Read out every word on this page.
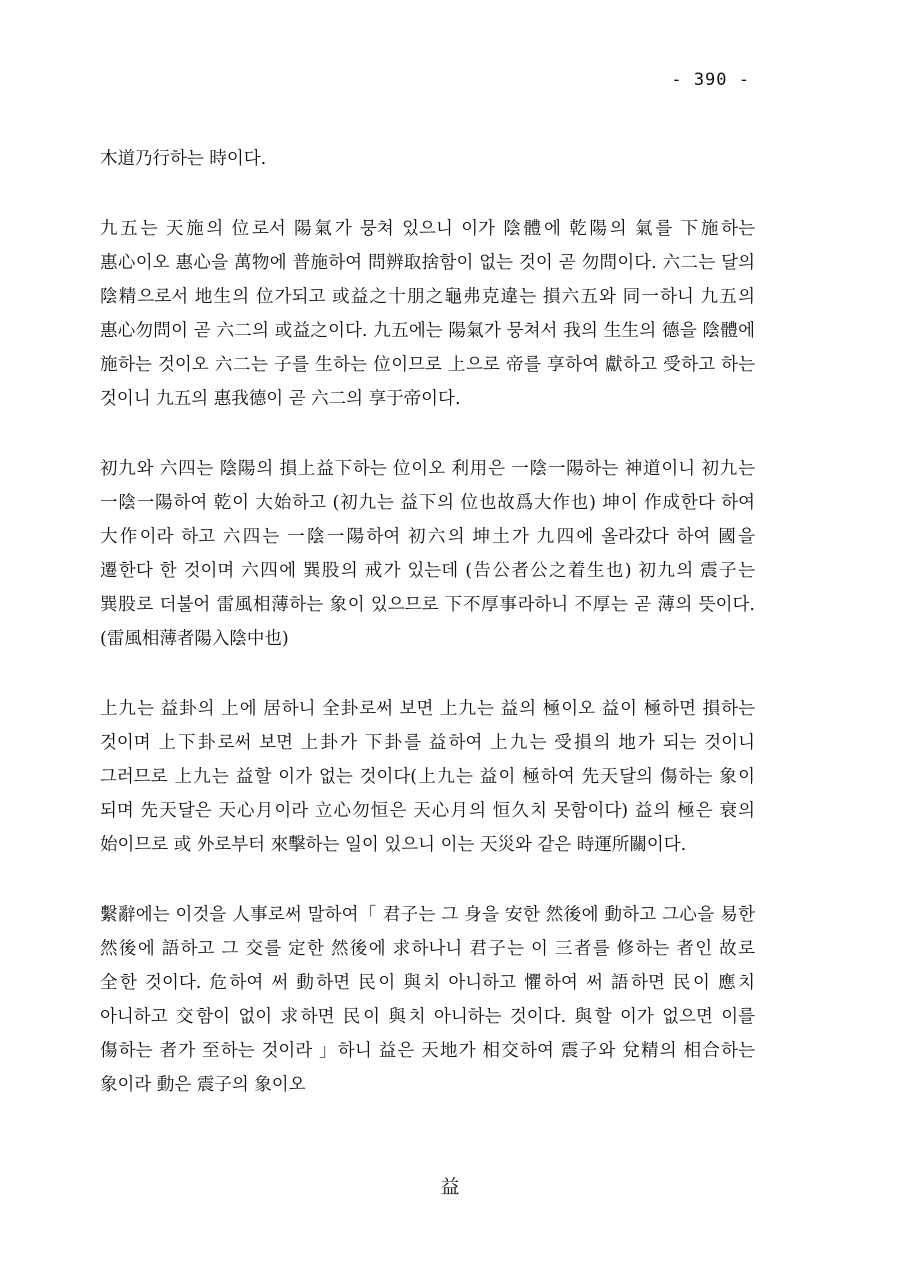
- 390 -

木道乃行하는 時이다.

九五는 天施의 位로서 陽氣가 뭉쳐 있으니 이가 陰體에 乾陽의 氣를 下施하는 惠心이오 惠心을 萬物에 普施하여 問辨取捨함이 없는 것이 곧 勿問이다. 六二는 달의 陰精으로서 地生의 位가되고 或益之十朋之龜弗克違는 損六五와 同一하니 九五의 惠心勿問이 곧 六二의 或益之이다. 九五에는 陽氣가 뭉쳐서 我의 生生의 德을 陰體에 施하는 것이오 六二는 子를 生하는 位이므로 上으로 帝를 享하여 獻하고 受하고 하는 것이니 九五의 惠我德이 곧 六二의 享于帝이다.

初九와 六四는 陰陽의 損上益下하는 位이오 利用은 一陰一陽하는 神道이니 初九는 一陰一陽하여 乾이 大始하고 (初九는 益下의 位也故爲大作也) 坤이 作成한다 하여 大作이라 하고 六四는 一陰一陽하여 初六의 坤土가 九四에 올라갔다 하여 國을 遷한다 한 것이며 六四에 巽股의 戒가 있는데 (告公者公之着生也) 初九의 震子는 巽股로 더불어 雷風相薄하는 象이 있으므로 下不厚事라하니 不厚는 곧 薄의 뜻이다.(雷風相薄者陽入陰中也)

上九는 益卦의 上에 居하니 全卦로써 보면 上九는 益의 極이오 益이 極하면 損하는 것이며 上下卦로써 보면 上卦가 下卦를 益하여 上九는 受損의 地가 되는 것이니 그러므로 上九는 益할 이가 없는 것이다(上九는 益이 極하여 先天달의 傷하는 象이 되며 先天달은 天心月이라 立心勿恒은 天心月의 恒久치 못함이다) 益의 極은 衰의 始이므로 或 外로부터 來擊하는 일이 있으니 이는 天災와 같은 時運所關이다.

繫辭에는 이것을 人事로써 말하여「 君子는 그 身을 安한 然後에 動하고 그心을 易한 然後에 語하고 그 交를 定한 然後에 求하나니 君子는 이 三者를 修하는 者인 故로 全한 것이다. 危하여 써 動하면 民이 與치 아니하고 懼하여 써 語하면 民이 應치 아니하고 交함이 없이 求하면 民이 與치 아니하는 것이다. 與할 이가 없으면 이를 傷하는 者가 至하는 것이라 」하니 益은 天地가 相交하여 震子와 兌精의 相合하는 象이라 動은 震子의 象이오

益
